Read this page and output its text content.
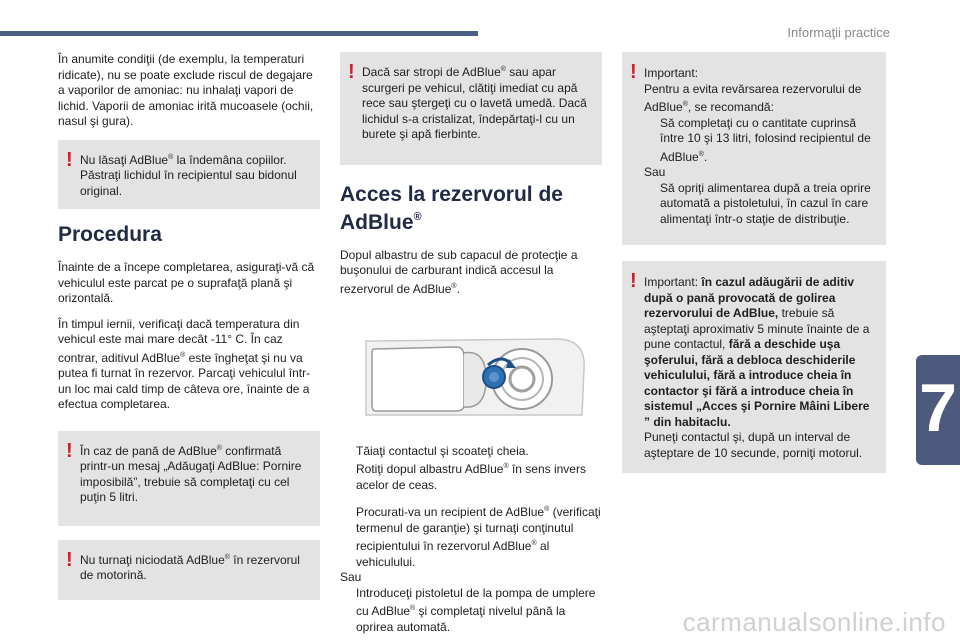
Informaţii practice
7
carmanualsonline.info

În anumite condiţii (de exemplu, la temperaturi ridicate), nu se poate exclude riscul de degajare a vaporilor de amoniac: nu inhalaţi vapori de lichid. Vaporii de amoniac irită mucoasele (ochii, nasul şi gura).

! Nu lăsaţi AdBlue® la îndemâna copiilor. Păstraţi lichidul în recipientul sau bidonul original.
Procedura

Înainte de a începe completarea, asiguraţi-vă că vehiculul este parcat pe o suprafaţă plană şi orizontală.

În timpul iernii, verificaţi dacă temperatura din vehicul este mai mare decât -11° C. În caz contrar, aditivul AdBlue® este îngheţat şi nu va putea fi turnat în rezervor. Parcaţi vehiculul într-un loc mai cald timp de câteva ore, înainte de a efectua completarea.

! În caz de pană de AdBlue® confirmată printr-un mesaj „Adăugaţi AdBlue: Pornire imposibilă”, trebuie să completaţi cu cel puţin 5 litri.
! Nu turnaţi niciodată AdBlue® în rezervorul de motorină.
! Dacă sar stropi de AdBlue® sau apar scurgeri pe vehicul, clătiţi imediat cu apă rece sau ştergeţi cu o lavetă umedă. Dacă lichidul s-a cristalizat, îndepărtaţi-l cu un burete şi apă fierbinte.
Acces la rezervorul de
AdBlue®

Dopul albastru de sub capacul de protecţie a buşonului de carburant indică accesul la rezervorul de AdBlue®.

Tăiaţi contactul şi scoateţi cheia.

Rotiţi dopul albastru AdBlue® în sens invers acelor de ceas.

Procurati-va un recipient de AdBlue® (verificaţi termenul de garanţie) şi turnaţi conţinutul recipientului în rezervorul AdBlue® al vehiculului.

Sau

Introduceţi pistoletul de la pompa de umplere cu AdBlue® şi completaţi nivelul până la oprirea automată.

! Important:
Pentru a evita revărsarea rezervorului de AdBlue®, se recomandă:
Să completaţi cu o cantitate cuprinsă între 10 şi 13 litri, folosind recipientul de AdBlue®.
Sau
Să opriţi alimentarea după a treia oprire automată a pistoletului, în cazul în care alimentaţi într-o staţie de distribuţie.
! Important: în cazul adăugării de aditiv după o pană provocată de golirea rezervorului de AdBlue, trebuie să aşteptaţi aproximativ 5 minute înainte de a pune contactul, fără a deschide uşa şoferului, fără a debloca deschiderile vehiculului, fără a introduce cheia în contactor şi fără a introduce cheia în sistemul „Acces şi Pornire Mâini Libere ” din habitaclu.
Puneţi contactul şi, după un interval de aşteptare de 10 secunde, porniţi motorul.
